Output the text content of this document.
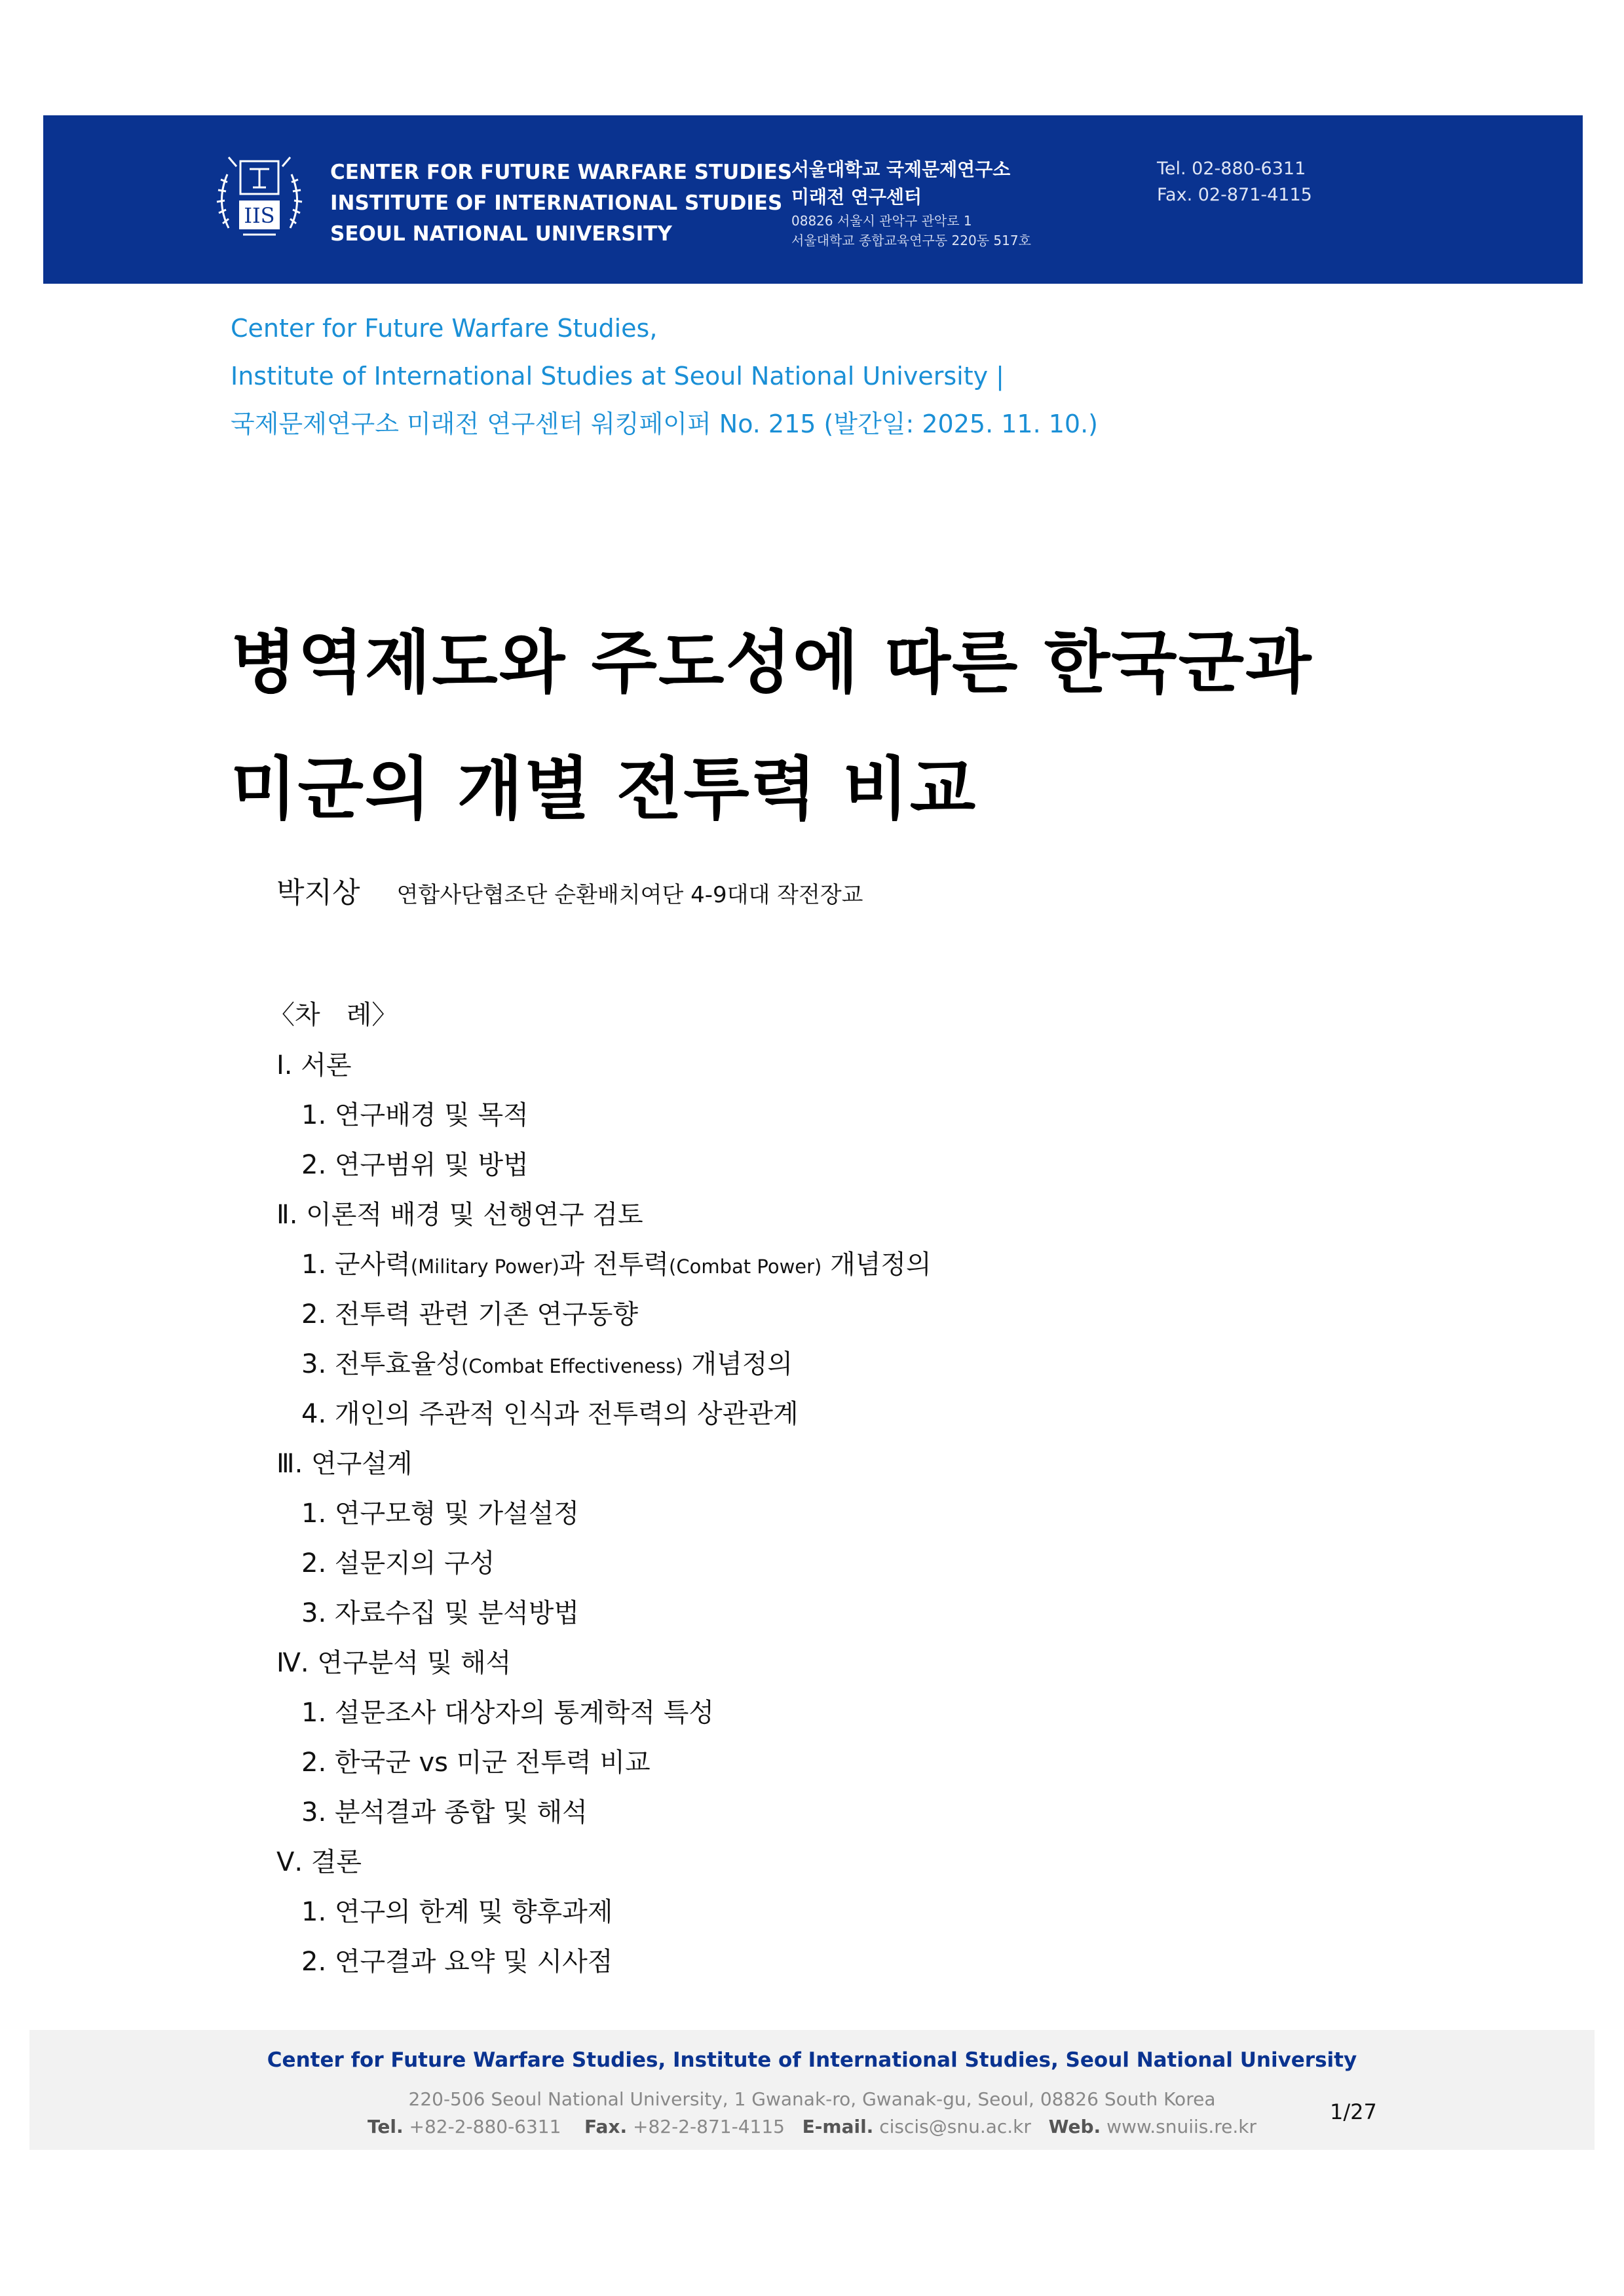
IIS
CENTER FOR FUTURE WARFARE STUDIES
INSTITUTE OF INTERNATIONAL STUDIES
SEOUL NATIONAL UNIVERSITY
서울대학교 국제문제연구소
미래전 연구센터
08826 서울시 관악구 관악로 1
서울대학교 종합교육연구동 220동 517호
Tel. 02-880-6311
Fax. 02-871-4115
Center for Future Warfare Studies,
Institute of International Studies at Seoul National University |
국제문제연구소 미래전 연구센터 워킹페이퍼 No. 215 (발간일: 2025. 11. 10.)
병역제도와 주도성에 따른 한국군과
미군의 개별 전투력 비교
박지상 연합사단협조단 순환배치여단 4-9대대 작전장교
〈차　례〉
Ⅰ. 서론
1. 연구배경 및 목적
2. 연구범위 및 방법
Ⅱ. 이론적 배경 및 선행연구 검토
1. 군사력(Military Power)과 전투력(Combat Power) 개념정의
2. 전투력 관련 기존 연구동향
3. 전투효율성(Combat Effectiveness) 개념정의
4. 개인의 주관적 인식과 전투력의 상관관계
Ⅲ. 연구설계
1. 연구모형 및 가설설정
2. 설문지의 구성
3. 자료수집 및 분석방법
Ⅳ. 연구분석 및 해석
1. 설문조사 대상자의 통계학적 특성
2. 한국군 vs 미군 전투력 비교
3. 분석결과 종합 및 해석
Ⅴ. 결론
1. 연구의 한계 및 향후과제
2. 연구결과 요약 및 시사점
Center for Future Warfare Studies, Institute of International Studies, Seoul National University
220-506 Seoul National University, 1 Gwanak-ro, Gwanak-gu, Seoul, 08826 South Korea
Tel. +82-2-880-6311 Fax. +82-2-871-4115 E-mail. ciscis@snu.ac.kr Web. www.snuiis.re.kr
1/27
